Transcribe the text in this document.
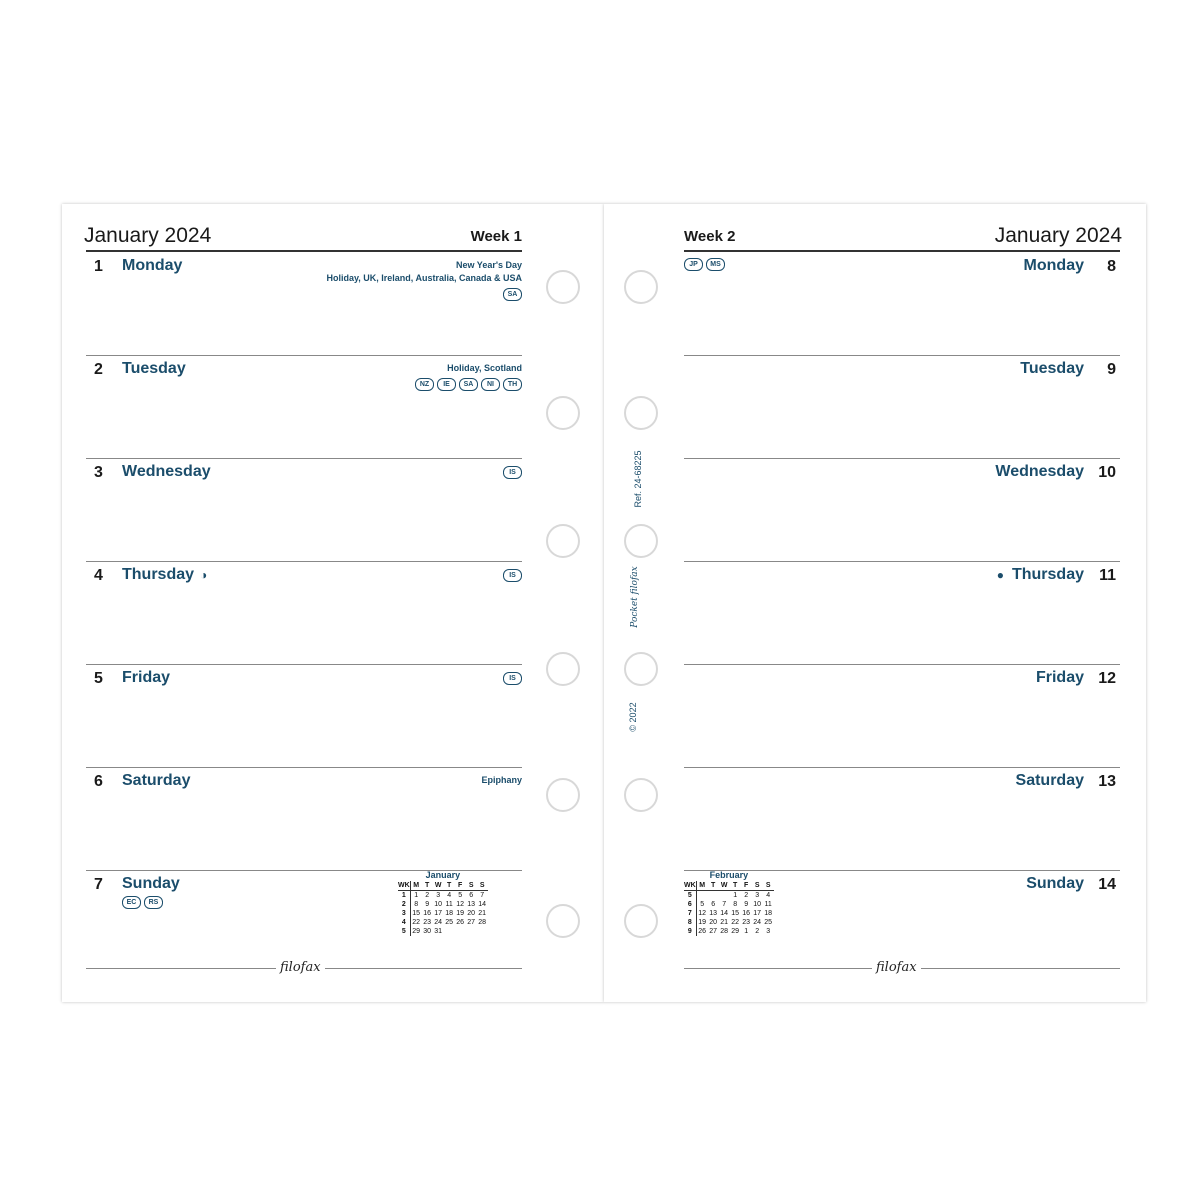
January 2024	Week 1
1 Monday	New Year's Day
Holiday, UK, Ireland, Australia, Canada & USA
SA
2 Tuesday	Holiday, Scotland
NZ	IE	SA	NI	TH
3 Wednesday	IS
4 Thursday ◑	IS
5 Friday	IS
6 Saturday	Epiphany
7 Sunday
EC	RS
January
WK	M	T	W	T	F	S	S
1	1	2	3	4	5	6	7
2	8	9	10	11	12	13	14
3	15	16	17	18	19	20	21
4	22	23	24	25	26	27	28
5	29	30	31				
filofax
Week 2	January 2024
JP	MS	Monday 8
Tuesday 9
Wednesday 10
● Thursday 11
Friday 12
Saturday 13
Sunday 14
February
WK	M	T	W	T	F	S	S
5				1	2	3	4
6	5	6	7	8	9	10	11
7	12	13	14	15	16	17	18
8	19	20	21	22	23	24	25
9	26	27	28	29	1	2	3
filofax
Ref. 24-68225
Pocket filofax
© 2022
